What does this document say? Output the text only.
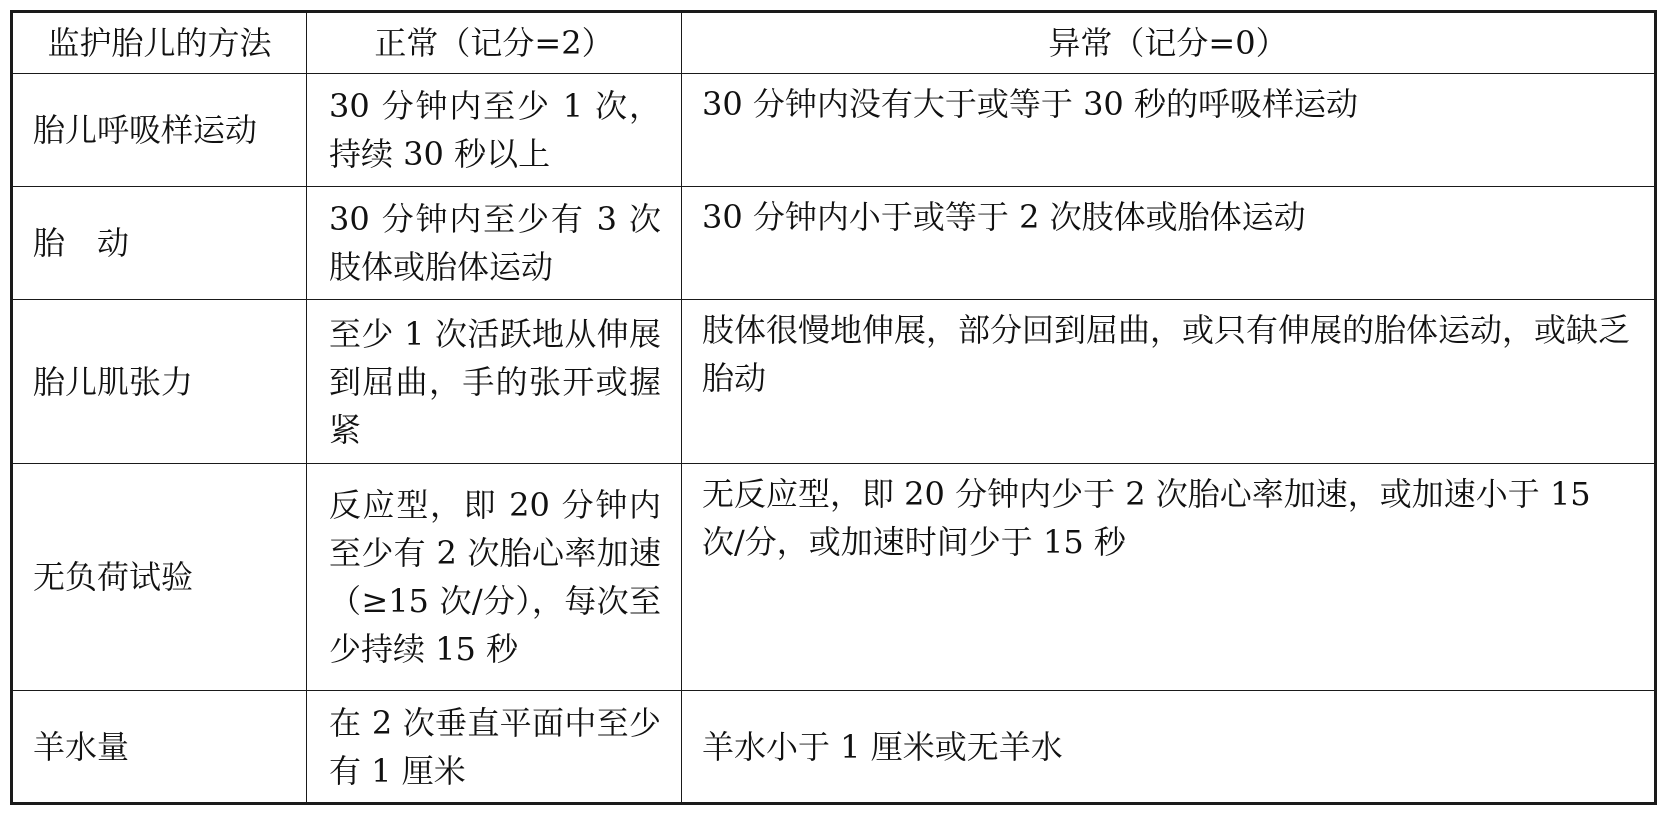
监护胎儿的方法	正常（记分=2）	异常（记分=0）
胎儿呼吸样运动	30 分钟内至少 1 次，持续 30 秒以上	30 分钟内没有大于或等于 30 秒的呼吸样运动
胎　动	30 分钟内至少有 3 次肢体或胎体运动	30 分钟内小于或等于 2 次肢体或胎体运动
胎儿肌张力	至少 1 次活跃地从伸展到屈曲，手的张开或握紧	肢体很慢地伸展，部分回到屈曲，或只有伸展的胎体运动，或缺乏胎动
无负荷试验	反应型，即 20 分钟内至少有 2 次胎心率加速（≥15 次/分），每次至少持续 15 秒	无反应型，即 20 分钟内少于 2 次胎心率加速，或加速小于 15 次/分，或加速时间少于 15 秒
羊水量	在 2 次垂直平面中至少有 1 厘米	羊水小于 1 厘米或无羊水
